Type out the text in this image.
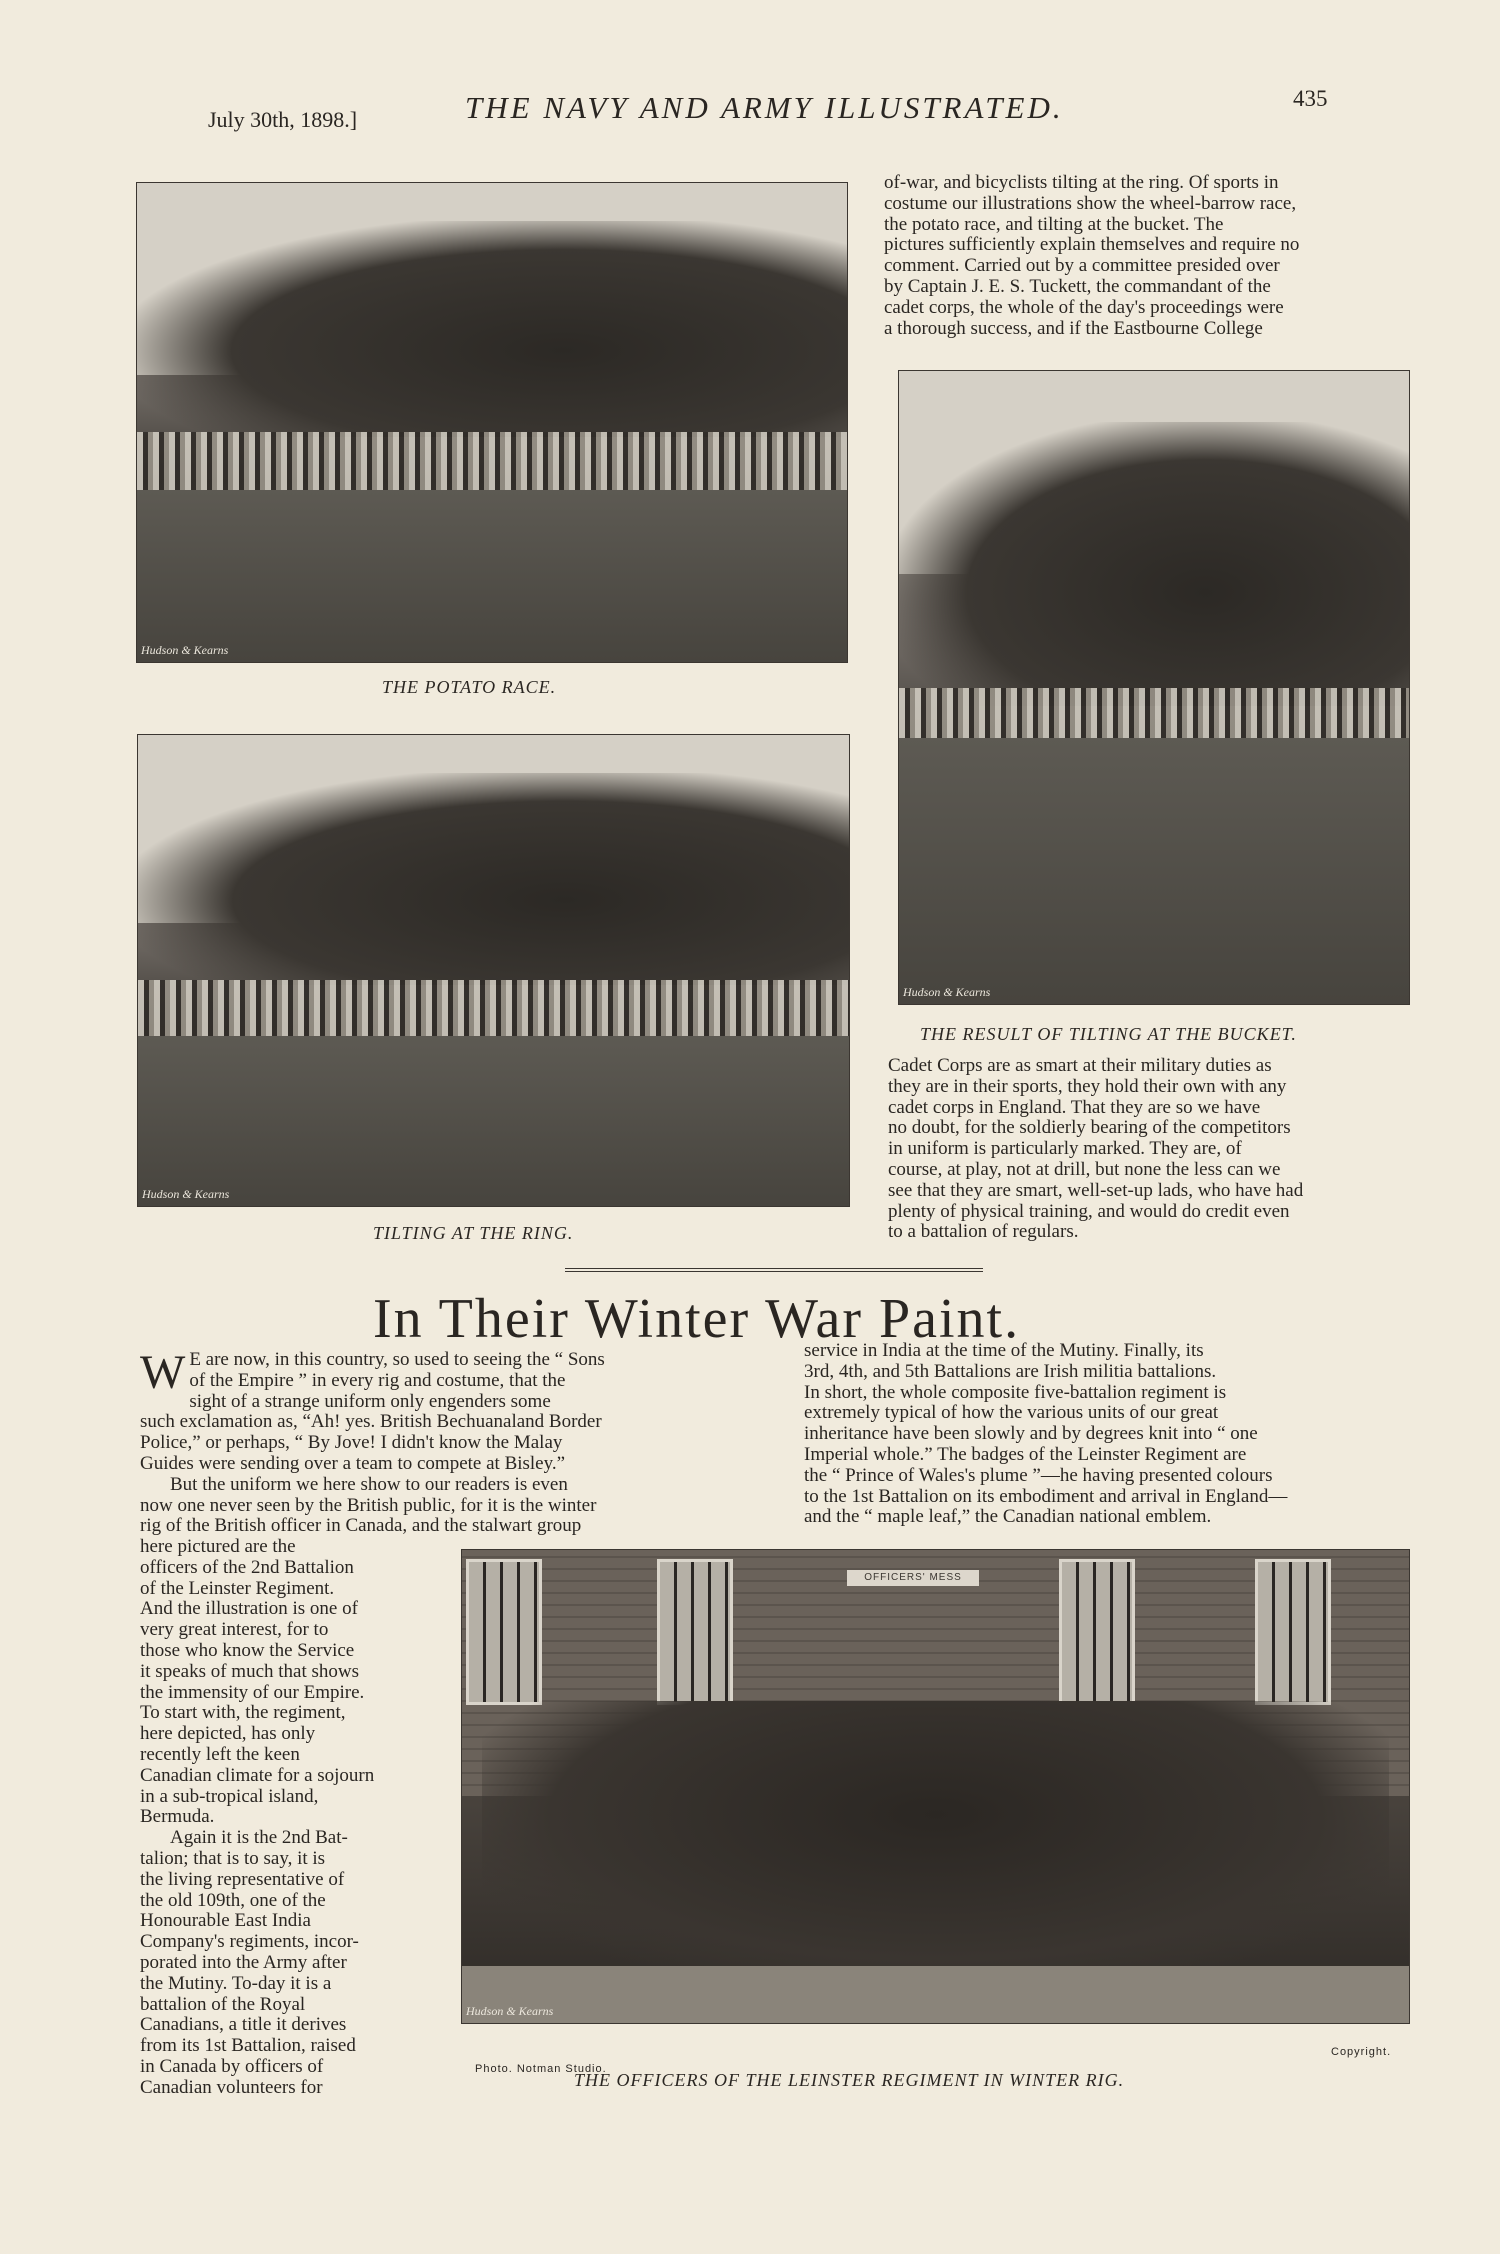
July 30th, 1898.]	THE NAVY AND ARMY ILLUSTRATED.	435
Hudson & Kearns
THE POTATO RACE.
Hudson & Kearns
TILTING AT THE RING.
of-war, and bicyclists tilting at the ring. Of sports in
costume our illustrations show the wheel-barrow race,
the potato race, and tilting at the bucket. The
pictures sufficiently explain themselves and require no
comment. Carried out by a committee presided over
by Captain J. E. S. Tuckett, the commandant of the
cadet corps, the whole of the day's proceedings were
a thorough success, and if the Eastbourne College
Hudson & Kearns
THE RESULT OF TILTING AT THE BUCKET.
Cadet Corps are as smart at their military duties as
they are in their sports, they hold their own with any
cadet corps in England. That they are so we have
no doubt, for the soldierly bearing of the competitors
in uniform is particularly marked. They are, of
course, at play, not at drill, but none the less can we
see that they are smart, well-set-up lads, who have had
plenty of physical training, and would do credit even
to a battalion of regulars.
In Their Winter War Paint.
W E are now, in this country, so used to seeing the “ Sons
of the Empire ” in every rig and costume, that the
sight of a strange uniform only engenders some
such exclamation as, “Ah! yes. British Bechuanaland Border
Police,” or perhaps, “ By Jove! I didn't know the Malay
Guides were sending over a team to compete at Bisley.”
But the uniform we here show to our readers is even
now one never seen by the British public, for it is the winter
rig of the British officer in Canada, and the stalwart group
here pictured are the
officers of the 2nd Battalion
of the Leinster Regiment.
And the illustration is one of
very great interest, for to
those who know the Service
it speaks of much that shows
the immensity of our Empire.
To start with, the regiment,
here depicted, has only
recently left the keen
Canadian climate for a sojourn
in a sub-tropical island,
Bermuda.
Again it is the 2nd Bat-
talion; that is to say, it is
the living representative of
the old 109th, one of the
Honourable East India
Company's regiments, incor-
porated into the Army after
the Mutiny. To-day it is a
battalion of the Royal
Canadians, a title it derives
from its 1st Battalion, raised
in Canada by officers of
Canadian volunteers for
service in India at the time of the Mutiny. Finally, its
3rd, 4th, and 5th Battalions are Irish militia battalions.
In short, the whole composite five-battalion regiment is
extremely typical of how the various units of our great
inheritance have been slowly and by degrees knit into “ one
Imperial whole.” The badges of the Leinster Regiment are
the “ Prince of Wales's plume ”—he having presented colours
to the 1st Battalion on its embodiment and arrival in England—
and the “ maple leaf,” the Canadian national emblem.
OFFICERS' MESS
Hudson & Kearns
Photo. Notman Studio.
Copyright.
THE OFFICERS OF THE LEINSTER REGIMENT IN WINTER RIG.
